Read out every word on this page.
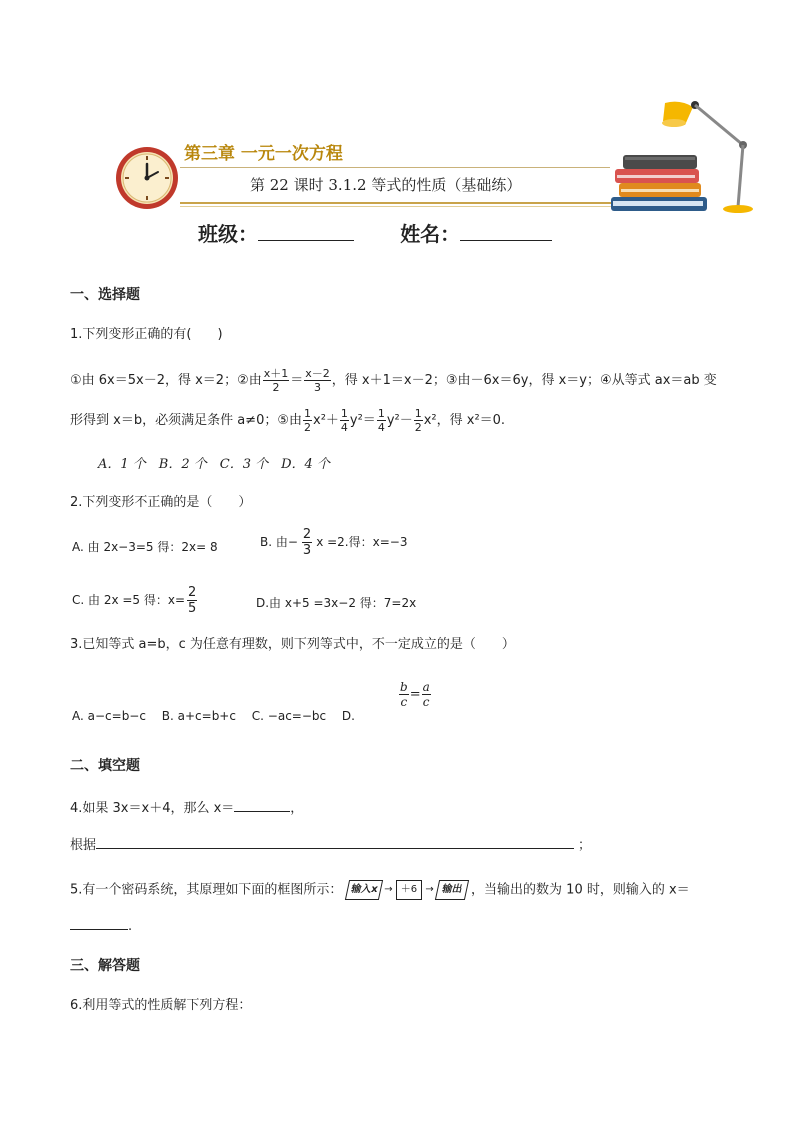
第三章 一元一次方程
第 22 课时 3.1.2 等式的性质（基础练）
班级：	姓名：
一、选择题
1.下列变形正确的有(　　)
①由 6x＝5x－2，得 x＝2；②由 $\frac{x+1}{2} = \frac{x-2}{3}$ ，得 x＋1＝x－2；③由－6x＝6y，得 x＝y；④从等式 ax＝ab 变
形得到 x＝b，必须满足条件 a≠0；⑤由 $\frac{1}{2} x^2+ \frac{1}{4} y^2= \frac{1}{4} y^2- \frac{1}{2} x^2$，得 x²＝0.
A．1 个　B．2 个　C．3 个　D．4 个
2.下列变形不正确的是（　　）
A. 由 2x−3=5 得：2x= 8	B. 由− $\frac{2}{3}$ x =2.得：x=−3
C. 由 2x =5 得：$x= \frac{2}{5}$	D.由 x+5 =3x−2 得：7=2x
3.已知等式 a=b，c 为任意有理数，则下列等式中，不一定成立的是（　　）
A. a−c=b−c　 B. a+c=b+c　 C. −ac=−bc　 D.
$\frac{b}{c} = \frac{a}{c}$
二、填空题
4.如果 3x＝x＋4，那么 x＝	，
根据	；
5.有一个密码系统，其原理如下面的框图所示： 输入x → ＋6 → 输出 ，当输出的数为 10 时，则输入的 x＝
.
三、解答题
6.利用等式的性质解下列方程：
